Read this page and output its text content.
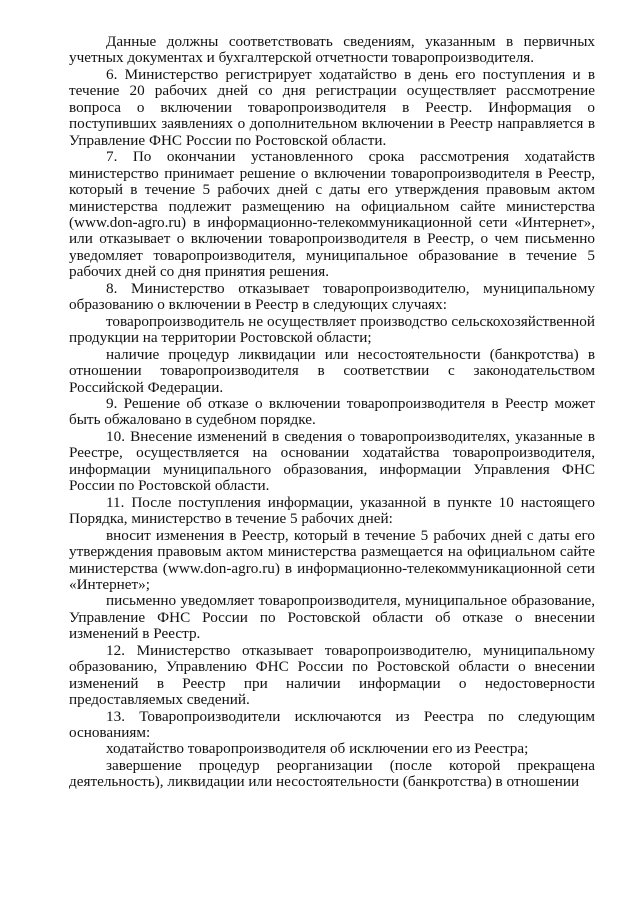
Данные должны соответствовать сведениям, указанным в первичных учетных документах и бухгалтерской отчетности товаропроизводителя.

6. Министерство регистрирует ходатайство в день его поступления и в течение 20 рабочих дней со дня регистрации осуществляет рассмотрение вопроса о включении товаропроизводителя в Реестр. Информация о поступивших заявлениях о дополнительном включении в Реестр направляется в Управление ФНС России по Ростовской области.

7. По окончании установленного срока рассмотрения ходатайств министерство принимает решение о включении товаропроизводителя в Реестр, который в течение 5 рабочих дней с даты его утверждения правовым актом министерства подлежит размещению на официальном сайте министерства (www.don-agro.ru) в информационно-телекоммуникационной сети «Интернет», или отказывает о включении товаропроизводителя в Реестр, о чем письменно уведомляет товаропроизводителя, муниципальное образование в течение 5 рабочих дней со дня принятия решения.

8. Министерство отказывает товаропроизводителю, муниципальному образованию о включении в Реестр в следующих случаях:

товаропроизводитель не осуществляет производство сельскохозяйственной продукции на территории Ростовской области;

наличие процедур ликвидации или несостоятельности (банкротства) в отношении товаропроизводителя в соответствии с законодательством Российской Федерации.

9. Решение об отказе о включении товаропроизводителя в Реестр может быть обжаловано в судебном порядке.

10. Внесение изменений в сведения о товаропроизводителях, указанные в Реестре, осуществляется на основании ходатайства товаропроизводителя, информации муниципального образования, информации Управления ФНС России по Ростовской области.

11. После поступления информации, указанной в пункте 10 настоящего Порядка, министерство в течение 5 рабочих дней:

вносит изменения в Реестр, который в течение 5 рабочих дней с даты его утверждения правовым актом министерства размещается на официальном сайте министерства (www.don-agro.ru) в информационно-телекоммуникационной сети «Интернет»;

письменно уведомляет товаропроизводителя, муниципальное образование, Управление ФНС России по Ростовской области об отказе о внесении изменений в Реестр.

12. Министерство отказывает товаропроизводителю, муниципальному образованию, Управлению ФНС России по Ростовской области о внесении изменений в Реестр при наличии информации о недостоверности предоставляемых сведений.

13. Товаропроизводители исключаются из Реестра по следующим основаниям:

ходатайство товаропроизводителя об исключении его из Реестра;

завершение процедур реорганизации (после которой прекращена деятельность), ликвидации или несостоятельности (банкротства) в отношении
